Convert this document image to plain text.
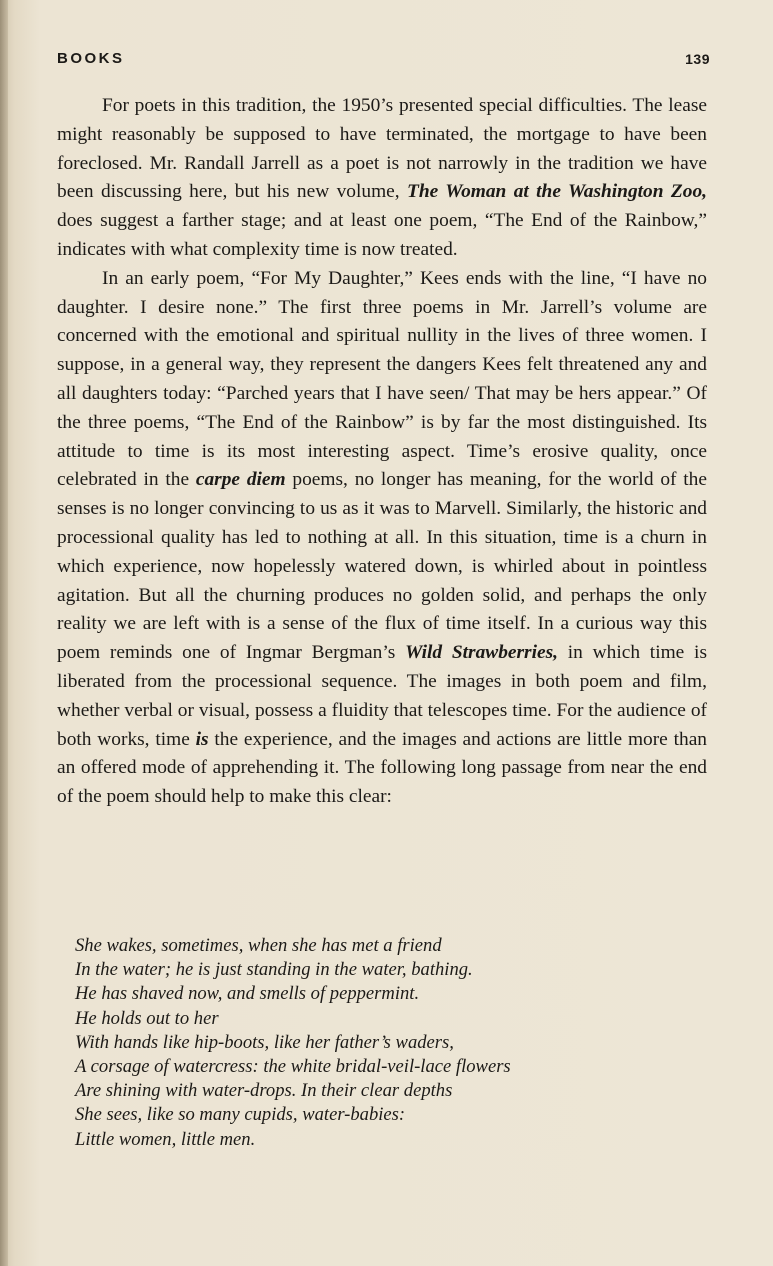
BOOKS	139

For poets in this tradition, the 1950’s presented special difficulties. The lease might reasonably be supposed to have terminated, the mortgage to have been foreclosed. Mr. Randall Jarrell as a poet is not narrowly in the tradition we have been discussing here, but his new volume, The Woman at the Washington Zoo, does suggest a farther stage; and at least one poem, “The End of the Rainbow,” indicates with what complexity time is now treated.

In an early poem, “For My Daughter,” Kees ends with the line, “I have no daughter. I desire none.” The first three poems in Mr. Jarrell’s volume are concerned with the emotional and spiritual nullity in the lives of three women. I suppose, in a general way, they represent the dangers Kees felt threatened any and all daughters today: “Parched years that I have seen/ That may be hers appear.” Of the three poems, “The End of the Rainbow” is by far the most distinguished. Its attitude to time is its most interesting aspect. Time’s erosive quality, once celebrated in the carpe diem poems, no longer has meaning, for the world of the senses is no longer convincing to us as it was to Marvell. Similarly, the historic and processional quality has led to nothing at all. In this situation, time is a churn in which experience, now hopelessly watered down, is whirled about in pointless agitation. But all the churning produces no golden solid, and perhaps the only reality we are left with is a sense of the flux of time itself. In a curious way this poem reminds one of Ingmar Bergman’s Wild Strawberries, in which time is liberated from the processional sequence. The images in both poem and film, whether verbal or visual, possess a fluidity that telescopes time. For the audience of both works, time is the experience, and the images and actions are little more than an offered mode of apprehending it. The following long passage from near the end of the poem should help to make this clear:

She wakes, sometimes, when she has met a friend
In the water; he is just standing in the water, bathing.
He has shaved now, and smells of peppermint.
He holds out to her
With hands like hip-boots, like her father’s waders,
A corsage of watercress: the white bridal-veil-lace flowers
Are shining with water-drops. In their clear depths
She sees, like so many cupids, water-babies:
Little women, little men.
